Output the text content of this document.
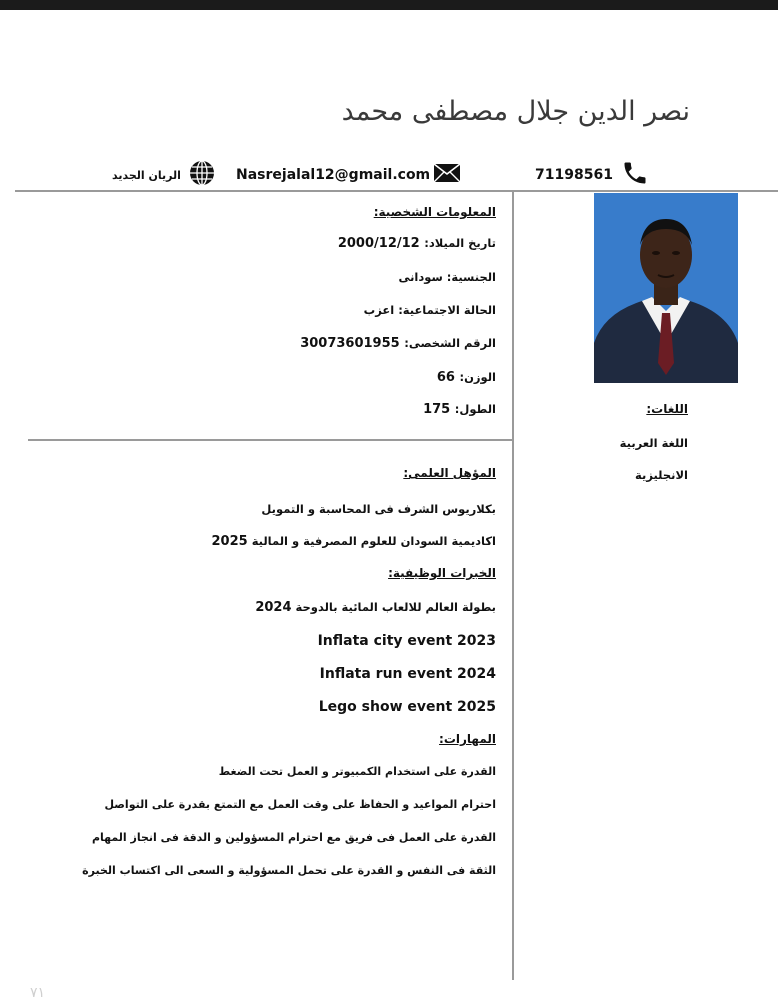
نصر الدين جلال مصطفى محمد
71198561
Nasrejalal12@gmail.com
الريان الجديد
المعلومات الشخصية:
تاريخ الميلاد: 2000/12/12
الجنسية: سودانى
الحالة الاجتماعية: اعزب
الرقم الشخصى: 30073601955
الوزن: 66
الطول: 175	اللغات:
اللغة العربية
الانجليزية
المؤهل العلمى:
بكلاريوس الشرف فى المحاسبة و التمويل
اكاديمية السودان للعلوم المصرفية و المالية 2025
الخبرات الوظيفية:
بطولة العالم للالعاب المائية بالدوحة 2024
Inflata city event 2023
Inflata run event 2024
Lego show event 2025
المهارات:
القدرة على استخدام الكمبيوتر و العمل تحت الضغط
احترام المواعيد و الحفاظ على وقت العمل مع التمتع بقدرة على التواصل
القدرة على العمل فى فريق مع احترام المسؤولين و الدقة فى انجاز المهام
الثقة فى النفس و القدرة على تحمل المسؤولية و السعى الى اكتساب الخبرة
٧١
